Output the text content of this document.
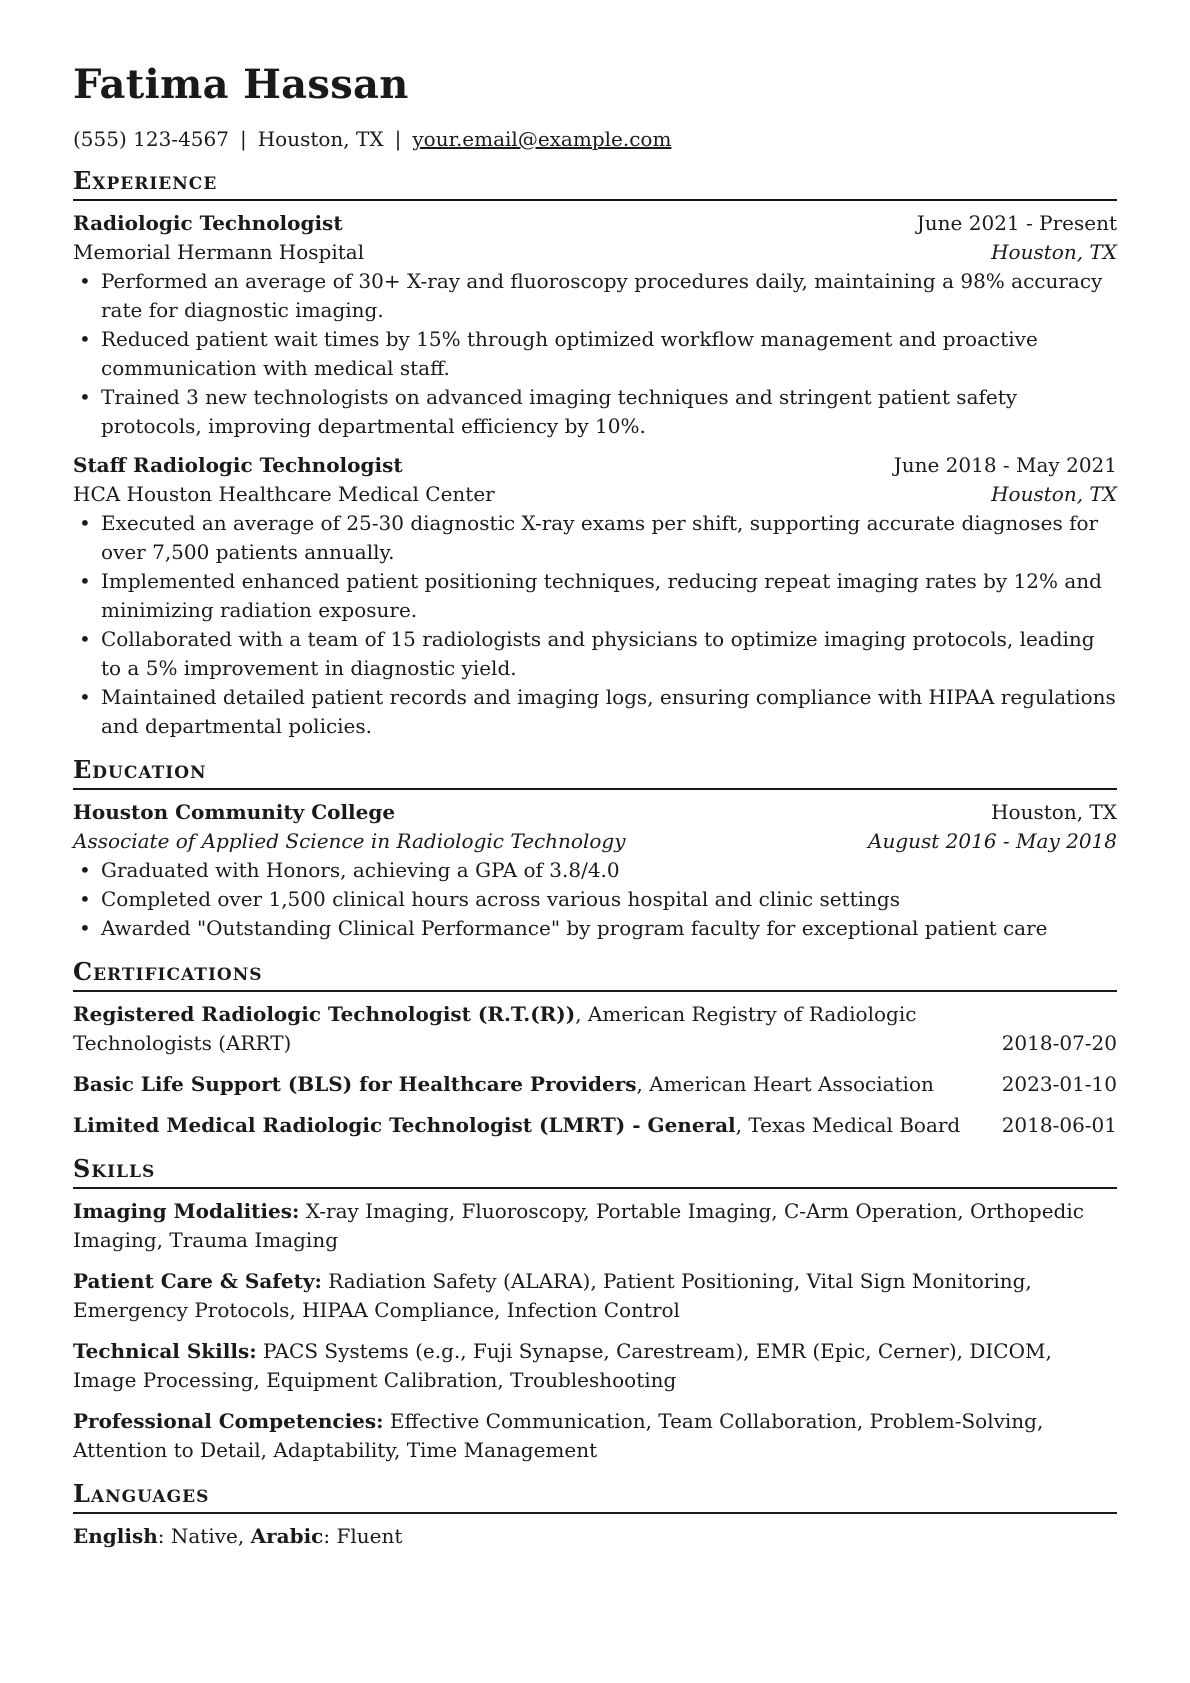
Fatima Hassan
(555) 123-4567 | Houston, TX | your.email@example.com
Experience
Radiologic Technologist	June 2021 - Present
Memorial Hermann Hospital	Houston, TX
• Performed an average of 30+ X-ray and fluoroscopy procedures daily, maintaining a 98% accuracy rate for diagnostic imaging.
• Reduced patient wait times by 15% through optimized workflow management and proactive communication with medical staff.
• Trained 3 new technologists on advanced imaging techniques and stringent patient safety protocols, improving departmental efficiency by 10%.
Staff Radiologic Technologist	June 2018 - May 2021
HCA Houston Healthcare Medical Center	Houston, TX
• Executed an average of 25-30 diagnostic X-ray exams per shift, supporting accurate diagnoses for over 7,500 patients annually.
• Implemented enhanced patient positioning techniques, reducing repeat imaging rates by 12% and minimizing radiation exposure.
• Collaborated with a team of 15 radiologists and physicians to optimize imaging protocols, leading to a 5% improvement in diagnostic yield.
• Maintained detailed patient records and imaging logs, ensuring compliance with HIPAA regulations and departmental policies.
Education
Houston Community College	Houston, TX
Associate of Applied Science in Radiologic Technology	August 2016 - May 2018
• Graduated with Honors, achieving a GPA of 3.8/4.0
• Completed over 1,500 clinical hours across various hospital and clinic settings
• Awarded "Outstanding Clinical Performance" by program faculty for exceptional patient care
Certifications
Registered Radiologic Technologist (R.T.(R)), American Registry of Radiologic Technologists (ARRT)	2018-07-20
Basic Life Support (BLS) for Healthcare Providers, American Heart Association	2023-01-10
Limited Medical Radiologic Technologist (LMRT) - General, Texas Medical Board	2018-06-01
Skills
Imaging Modalities: X-ray Imaging, Fluoroscopy, Portable Imaging, C-Arm Operation, Orthopedic Imaging, Trauma Imaging
Patient Care & Safety: Radiation Safety (ALARA), Patient Positioning, Vital Sign Monitoring, Emergency Protocols, HIPAA Compliance, Infection Control
Technical Skills: PACS Systems (e.g., Fuji Synapse, Carestream), EMR (Epic, Cerner), DICOM, Image Processing, Equipment Calibration, Troubleshooting
Professional Competencies: Effective Communication, Team Collaboration, Problem-Solving, Attention to Detail, Adaptability, Time Management
Languages
English: Native, Arabic: Fluent
